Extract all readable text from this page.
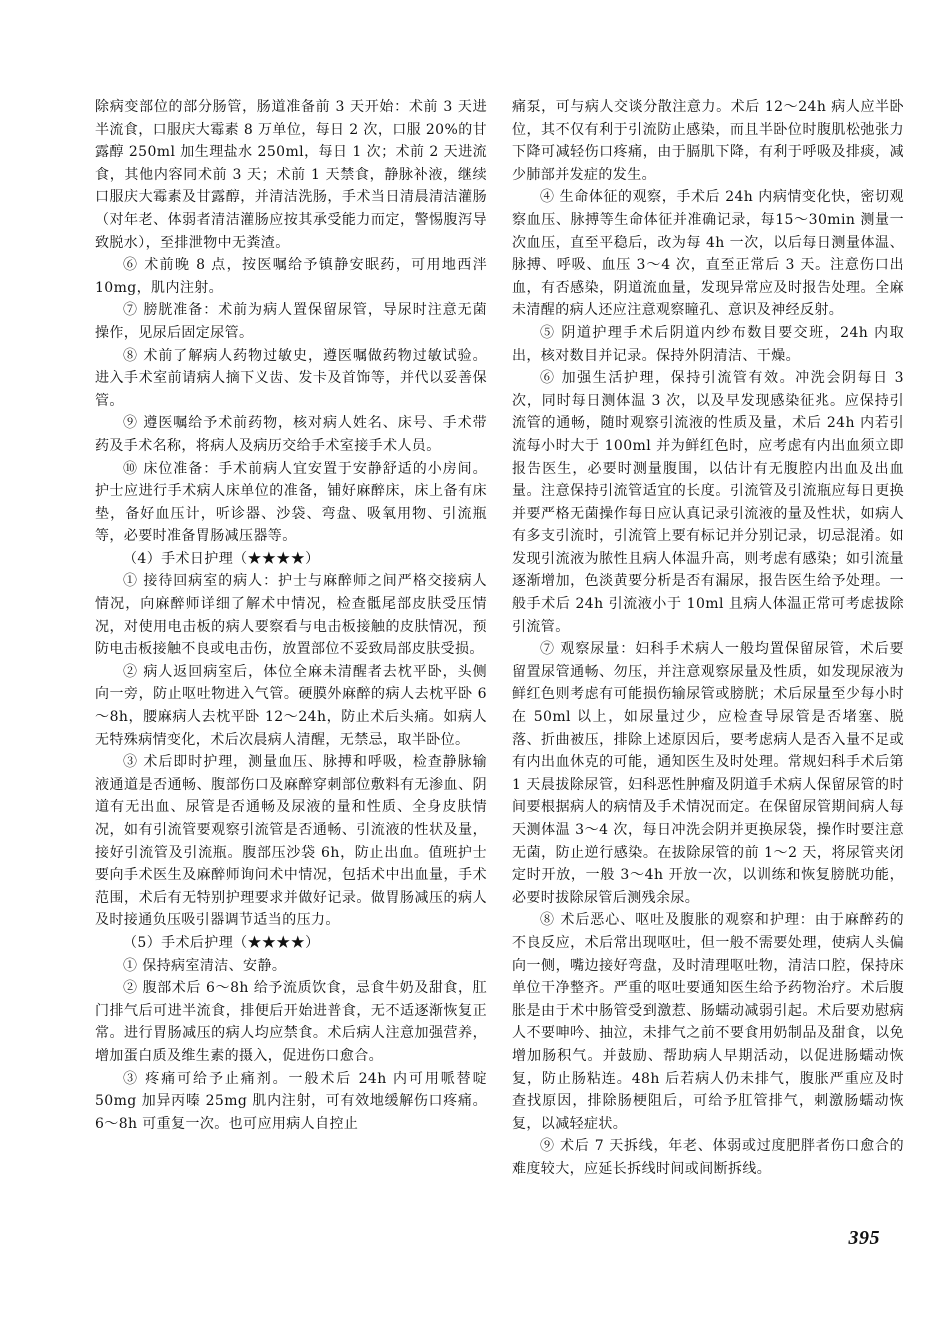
除病变部位的部分肠管，肠道准备前 3 天开始：术前 3 天进半流食，口服庆大霉素 8 万单位，每日 2 次，口服 20%的甘露醇 250ml 加生理盐水 250ml，每日 1 次；术前 2 天进流食，其他内容同术前 3 天；术前 1 天禁食，静脉补液，继续口服庆大霉素及甘露醇，并清洁洗肠，手术当日清晨清洁灌肠（对年老、体弱者清洁灌肠应按其承受能力而定，警惕腹泻导致脱水），至排泄物中无粪渣。

⑥ 术前晚 8 点，按医嘱给予镇静安眠药，可用地西泮 10mg，肌内注射。

⑦ 膀胱准备：术前为病人置保留尿管，导尿时注意无菌操作，见尿后固定尿管。

⑧ 术前了解病人药物过敏史，遵医嘱做药物过敏试验。进入手术室前请病人摘下义齿、发卡及首饰等，并代以妥善保管。

⑨ 遵医嘱给予术前药物，核对病人姓名、床号、手术带药及手术名称，将病人及病历交给手术室接手术人员。

⑩ 床位准备：手术前病人宜安置于安静舒适的小房间。护士应进行手术病人床单位的准备，铺好麻醉床，床上备有床垫，备好血压计，听诊器、沙袋、弯盘、吸氧用物、引流瓶等，必要时准备胃肠减压器等。

（4）手术日护理（★★★★）

① 接待回病室的病人：护士与麻醉师之间严格交接病人情况，向麻醉师详细了解术中情况，检查骶尾部皮肤受压情况，对使用电击板的病人要察看与电击板接触的皮肤情况，预防电击板接触不良或电击伤，放置部位不妥致局部皮肤受损。

② 病人返回病室后，体位全麻未清醒者去枕平卧，头侧向一旁，防止呕吐物进入气管。硬膜外麻醉的病人去枕平卧 6～8h，腰麻病人去枕平卧 12～24h，防止术后头痛。如病人无特殊病情变化，术后次晨病人清醒，无禁忌，取半卧位。

③ 术后即时护理，测量血压、脉搏和呼吸，检查静脉输液通道是否通畅、腹部伤口及麻醉穿刺部位敷料有无渗血、阴道有无出血、尿管是否通畅及尿液的量和性质、全身皮肤情况，如有引流管要观察引流管是否通畅、引流液的性状及量，接好引流管及引流瓶。腹部压沙袋 6h，防止出血。值班护士要向手术医生及麻醉师询问术中情况，包括术中出血量，手术范围，术后有无特别护理要求并做好记录。做胃肠减压的病人及时接通负压吸引器调节适当的压力。

（5）手术后护理（★★★★）

① 保持病室清洁、安静。

② 腹部术后 6～8h 给予流质饮食，忌食牛奶及甜食，肛门排气后可进半流食，排便后开始进普食，无不适逐渐恢复正常。进行胃肠减压的病人均应禁食。术后病人注意加强营养，增加蛋白质及维生素的摄入，促进伤口愈合。

③ 疼痛可给予止痛剂。一般术后 24h 内可用哌替啶 50mg 加异丙嗪 25mg 肌内注射，可有效地缓解伤口疼痛。6～8h 可重复一次。也可应用病人自控止

痛泵，可与病人交谈分散注意力。术后 12～24h 病人应半卧位，其不仅有利于引流防止感染，而且半卧位时腹肌松弛张力下降可减轻伤口疼痛，由于膈肌下降，有利于呼吸及排痰，减少肺部并发症的发生。

④ 生命体征的观察，手术后 24h 内病情变化快，密切观察血压、脉搏等生命体征并准确记录，每15～30min 测量一次血压，直至平稳后，改为每 4h 一次，以后每日测量体温、脉搏、呼吸、血压 3～4 次，直至正常后 3 天。注意伤口出血，有否感染，阴道流血量，发现异常应及时报告处理。全麻未清醒的病人还应注意观察瞳孔、意识及神经反射。

⑤ 阴道护理手术后阴道内纱布数目要交班，24h 内取出，核对数目并记录。保持外阴清洁、干燥。

⑥ 加强生活护理，保持引流管有效。冲洗会阴每日 3 次，同时每日测体温 3 次，以及早发现感染征兆。应保持引流管的通畅，随时观察引流液的性质及量，术后 24h 内若引流每小时大于 100ml 并为鲜红色时，应考虑有内出血须立即报告医生，必要时测量腹围，以估计有无腹腔内出血及出血量。注意保持引流管适宜的长度。引流管及引流瓶应每日更换并要严格无菌操作每日应认真记录引流液的量及性状，如病人有多支引流时，引流管上要有标记并分别记录，切忌混淆。如发现引流液为脓性且病人体温升高，则考虑有感染；如引流量逐渐增加，色淡黄要分析是否有漏尿，报告医生给予处理。一般手术后 24h 引流液小于 10ml 且病人体温正常可考虑拔除引流管。

⑦ 观察尿量：妇科手术病人一般均置保留尿管，术后要留置尿管通畅、勿压，并注意观察尿量及性质，如发现尿液为鲜红色则考虑有可能损伤输尿管或膀胱；术后尿量至少每小时在 50ml 以上，如尿量过少，应检查导尿管是否堵塞、脱落、折曲被压，排除上述原因后，要考虑病人是否入量不足或有内出血休克的可能，通知医生及时处理。常规妇科手术后第 1 天晨拔除尿管，妇科恶性肿瘤及阴道手术病人保留尿管的时间要根据病人的病情及手术情况而定。在保留尿管期间病人每天测体温 3～4 次，每日冲洗会阴并更换尿袋，操作时要注意无菌，防止逆行感染。在拔除尿管的前 1～2 天，将尿管夹闭定时开放，一般 3～4h 开放一次，以训练和恢复膀胱功能，必要时拔除尿管后测残余尿。

⑧ 术后恶心、呕吐及腹胀的观察和护理：由于麻醉药的不良反应，术后常出现呕吐，但一般不需要处理，使病人头偏向一侧，嘴边接好弯盘，及时清理呕吐物，清洁口腔，保持床单位干净整齐。严重的呕吐要通知医生给予药物治疗。术后腹胀是由于术中肠管受到激惹、肠蠕动减弱引起。术后要劝慰病人不要呻吟、抽泣，未排气之前不要食用奶制品及甜食，以免增加肠积气。并鼓励、帮助病人早期活动，以促进肠蠕动恢复，防止肠粘连。48h 后若病人仍未排气，腹胀严重应及时查找原因，排除肠梗阻后，可给予肛管排气，刺激肠蠕动恢复，以减轻症状。

⑨ 术后 7 天拆线，年老、体弱或过度肥胖者伤口愈合的难度较大，应延长拆线时间或间断拆线。

395
